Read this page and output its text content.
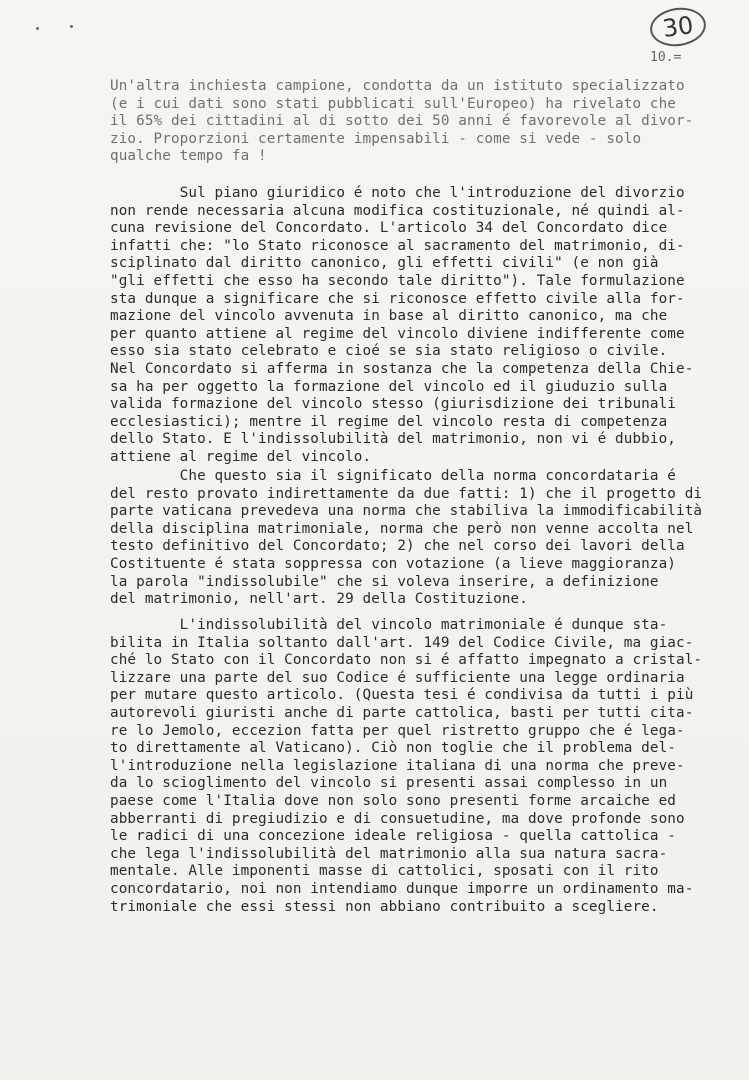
30
10.=
Un'altra inchiesta campione, condotta da un istituto specializzato
(e i cui dati sono stati pubblicati sull'Europeo) ha rivelato che
il 65% dei cittadini al di sotto dei 50 anni é favorevole al divor-
zio. Proporzioni certamente impensabili - come si vede - solo
qualche tempo fa !
Sul piano giuridico é noto che l'introduzione del divorzio
non rende necessaria alcuna modifica costituzionale, né quindi al-
cuna revisione del Concordato. L'articolo 34 del Concordato dice
infatti che: "lo Stato riconosce al sacramento del matrimonio, di-
sciplinato dal diritto canonico, gli effetti civili" (e non già
"gli effetti che esso ha secondo tale diritto"). Tale formulazione
sta dunque a significare che si riconosce effetto civile alla for-
mazione del vincolo avvenuta in base al diritto canonico, ma che
per quanto attiene al regime del vincolo diviene indifferente come
esso sia stato celebrato e cioé se sia stato religioso o civile.
Nel Concordato si afferma in sostanza che la competenza della Chie-
sa ha per oggetto la formazione del vincolo ed il giuduzio sulla
valida formazione del vincolo stesso (giurisdizione dei tribunali
ecclesiastici); mentre il regime del vincolo resta di competenza
dello Stato. E l'indissolubilità del matrimonio, non vi é dubbio,
attiene al regime del vincolo.
Che questo sia il significato della norma concordataria é
del resto provato indirettamente da due fatti: 1) che il progetto di
parte vaticana prevedeva una norma che stabiliva la immodificabilità
della disciplina matrimoniale, norma che però non venne accolta nel
testo definitivo del Concordato; 2) che nel corso dei lavori della
Costituente é stata soppressa con votazione (a lieve maggioranza)
la parola "indissolubile" che si voleva inserire, a definizione
del matrimonio, nell'art. 29 della Costituzione.
L'indissolubilità del vincolo matrimoniale é dunque sta-
bilita in Italia soltanto dall'art. 149 del Codice Civile, ma giac-
ché lo Stato con il Concordato non si é affatto impegnato a cristal-
lizzare una parte del suo Codice é sufficiente una legge ordinaria
per mutare questo articolo. (Questa tesi é condivisa da tutti i più
autorevoli giuristi anche di parte cattolica, basti per tutti cita-
re lo Jemolo, eccezion fatta per quel ristretto gruppo che é lega-
to direttamente al Vaticano). Ciò non toglie che il problema del-
l'introduzione nella legislazione italiana di una norma che preve-
da lo scioglimento del vincolo si presenti assai complesso in un
paese come l'Italia dove non solo sono presenti forme arcaiche ed
abberranti di pregiudizio e di consuetudine, ma dove profonde sono
le radici di una concezione ideale religiosa - quella cattolica -
che lega l'indissolubilità del matrimonio alla sua natura sacra-
mentale. Alle imponenti masse di cattolici, sposati con il rito
concordatario, noi non intendiamo dunque imporre un ordinamento ma-
trimoniale che essi stessi non abbiano contribuito a scegliere.
